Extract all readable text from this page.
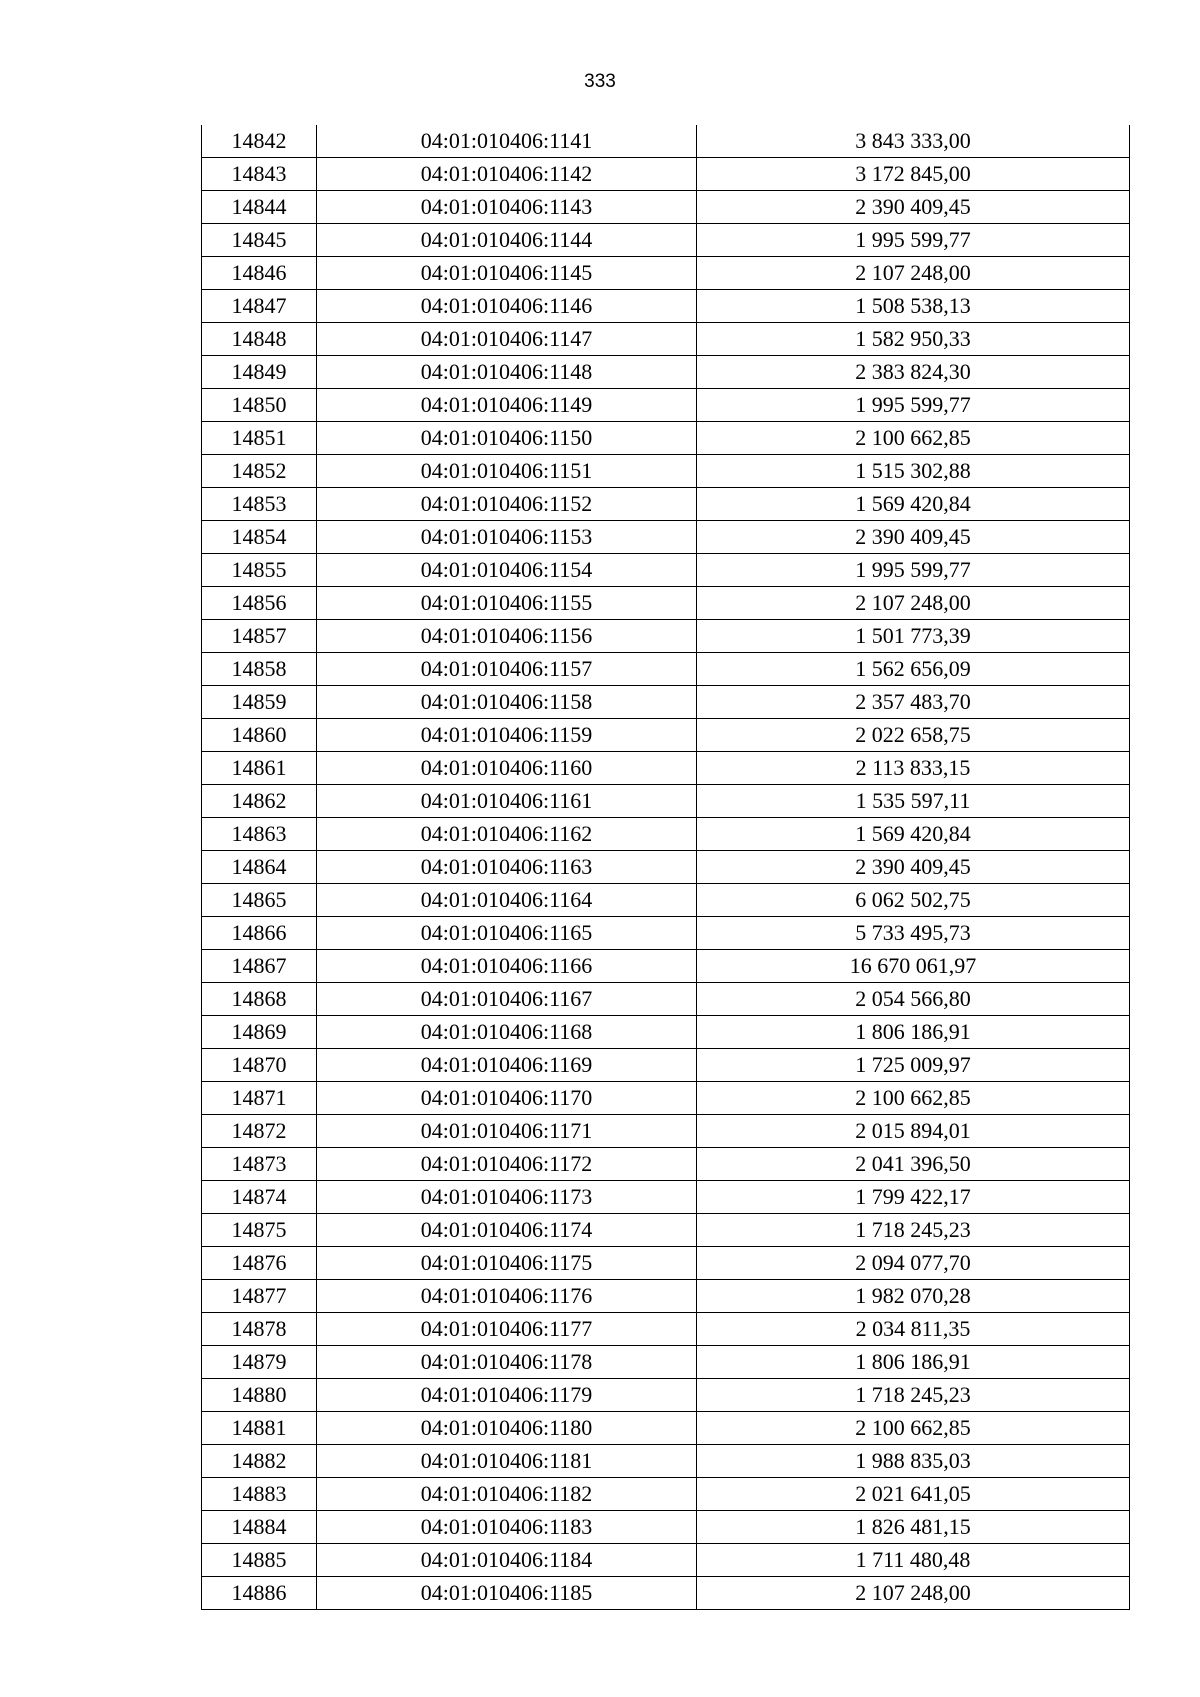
333
14842	04:01:010406:1141	3 843 333,00
14843	04:01:010406:1142	3 172 845,00
14844	04:01:010406:1143	2 390 409,45
14845	04:01:010406:1144	1 995 599,77
14846	04:01:010406:1145	2 107 248,00
14847	04:01:010406:1146	1 508 538,13
14848	04:01:010406:1147	1 582 950,33
14849	04:01:010406:1148	2 383 824,30
14850	04:01:010406:1149	1 995 599,77
14851	04:01:010406:1150	2 100 662,85
14852	04:01:010406:1151	1 515 302,88
14853	04:01:010406:1152	1 569 420,84
14854	04:01:010406:1153	2 390 409,45
14855	04:01:010406:1154	1 995 599,77
14856	04:01:010406:1155	2 107 248,00
14857	04:01:010406:1156	1 501 773,39
14858	04:01:010406:1157	1 562 656,09
14859	04:01:010406:1158	2 357 483,70
14860	04:01:010406:1159	2 022 658,75
14861	04:01:010406:1160	2 113 833,15
14862	04:01:010406:1161	1 535 597,11
14863	04:01:010406:1162	1 569 420,84
14864	04:01:010406:1163	2 390 409,45
14865	04:01:010406:1164	6 062 502,75
14866	04:01:010406:1165	5 733 495,73
14867	04:01:010406:1166	16 670 061,97
14868	04:01:010406:1167	2 054 566,80
14869	04:01:010406:1168	1 806 186,91
14870	04:01:010406:1169	1 725 009,97
14871	04:01:010406:1170	2 100 662,85
14872	04:01:010406:1171	2 015 894,01
14873	04:01:010406:1172	2 041 396,50
14874	04:01:010406:1173	1 799 422,17
14875	04:01:010406:1174	1 718 245,23
14876	04:01:010406:1175	2 094 077,70
14877	04:01:010406:1176	1 982 070,28
14878	04:01:010406:1177	2 034 811,35
14879	04:01:010406:1178	1 806 186,91
14880	04:01:010406:1179	1 718 245,23
14881	04:01:010406:1180	2 100 662,85
14882	04:01:010406:1181	1 988 835,03
14883	04:01:010406:1182	2 021 641,05
14884	04:01:010406:1183	1 826 481,15
14885	04:01:010406:1184	1 711 480,48
14886	04:01:010406:1185	2 107 248,00
